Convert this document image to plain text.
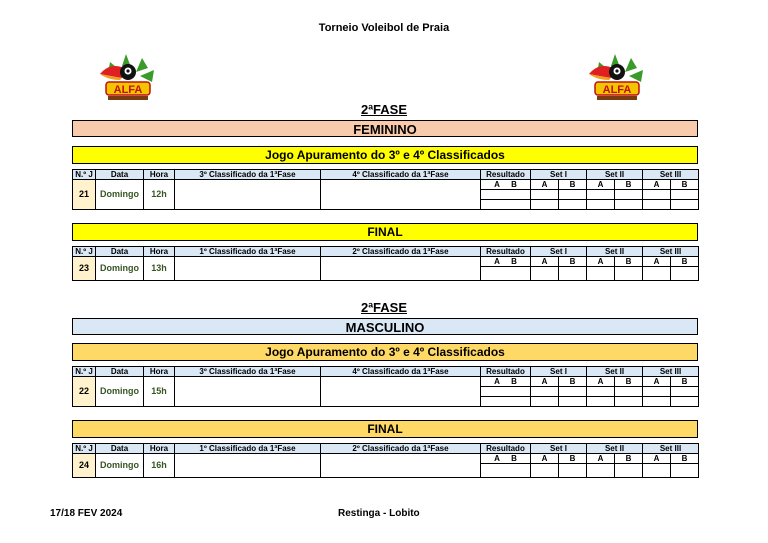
Torneio Voleibol de Praia
ALFA	ALFA
2ªFASE
FEMININO
Jogo Apuramento do 3º e 4º Classificados
N.º J	Data	Hora	3º Classificado da 1ªFase	4º Classificado da 1ªFase	Resultado	Set I		Set II		Set III	
21	Domingo	12h			A B	A	B	A	B	A	B

FINAL
N.º J	Data	Hora	1º Classificado da 1ªFase	2º Classificado da 1ªFase	Resultado	Set I		Set II		Set III	
23	Domingo	13h			A B	A	B	A	B	A	B

2ªFASE
MASCULINO
Jogo Apuramento do 3º e 4º Classificados
N.º J	Data	Hora	3º Classificado da 1ªFase	4º Classificado da 1ªFase	Resultado	Set I		Set II		Set III	
22	Domingo	15h			A B	A	B	A	B	A	B

FINAL
N.º J	Data	Hora	1º Classificado da 1ªFase	2º Classificado da 1ªFase	Resultado	Set I		Set II		Set III	
24	Domingo	16h			A B	A	B	A	B	A	B

17/18 FEV 2024	Restinga - Lobito
